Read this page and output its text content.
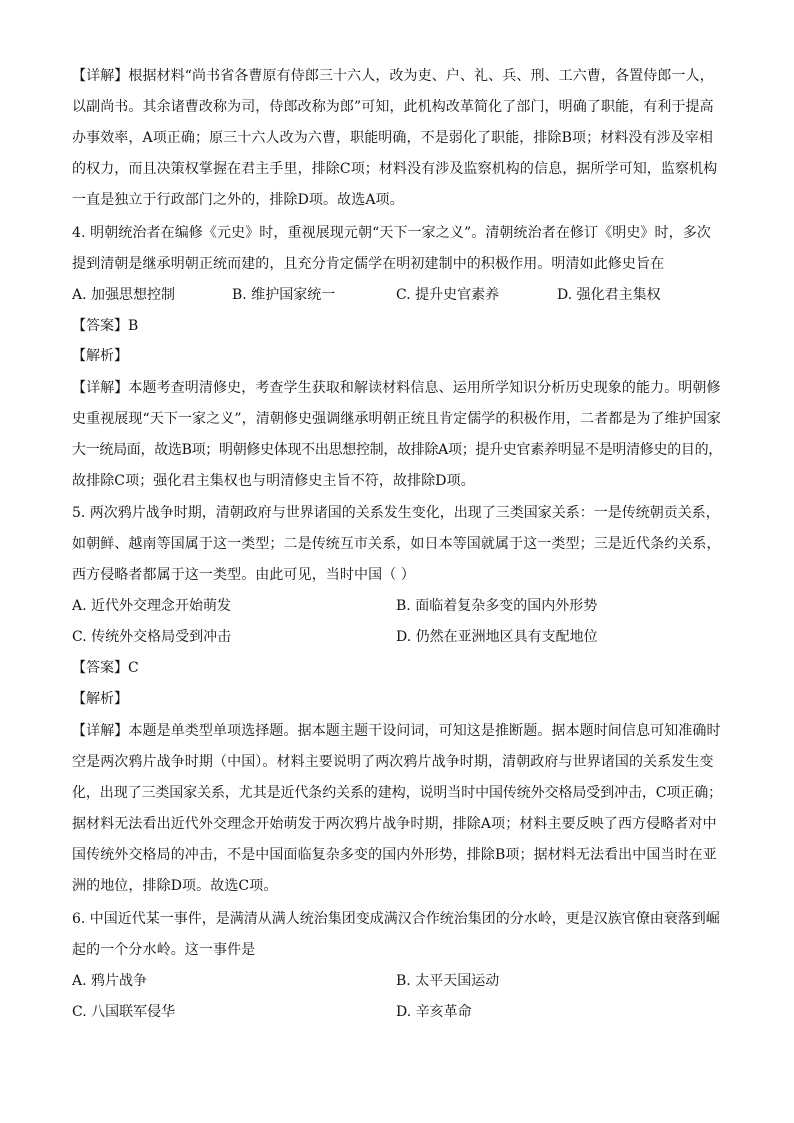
【详解】根据材料“尚书省各曹原有侍郎三十六人，改为吏、户、礼、兵、刑、工六曹，各置侍郎一人，
以副尚书。其余诸曹改称为司，侍郎改称为郎”可知，此机构改革简化了部门，明确了职能，有利于提高
办事效率，A项正确；原三十六人改为六曹，职能明确，不是弱化了职能，排除B项；材料没有涉及宰相
的权力，而且决策权掌握在君主手里，排除C项；材料没有涉及监察机构的信息，据所学可知，监察机构
一直是独立于行政部门之外的，排除D项。故选A项。
4. 明朝统治者在编修《元史》时，重视展现元朝“天下一家之义”。清朝统治者在修订《明史》时，多次
提到清朝是继承明朝正统而建的，且充分肯定儒学在明初建制中的积极作用。明清如此修史旨在
A. 加强思想控制	B. 维护国家统一	C. 提升史官素养	D. 强化君主集权
【答案】B
【解析】
【详解】本题考查明清修史，考查学生获取和解读材料信息、运用所学知识分析历史现象的能力。明朝修
史重视展现“天下一家之义”，清朝修史强调继承明朝正统且肯定儒学的积极作用，二者都是为了维护国家
大一统局面，故选B项；明朝修史体现不出思想控制，故排除A项；提升史官素养明显不是明清修史的目的，
故排除C项；强化君主集权也与明清修史主旨不符，故排除D项。
5. 两次鸦片战争时期，清朝政府与世界诸国的关系发生变化，出现了三类国家关系：一是传统朝贡关系，
如朝鲜、越南等国属于这一类型；二是传统互市关系，如日本等国就属于这一类型；三是近代条约关系，
西方侵略者都属于这一类型。由此可见，当时中国（ ）
A. 近代外交理念开始萌发	B. 面临着复杂多变的国内外形势
C. 传统外交格局受到冲击	D. 仍然在亚洲地区具有支配地位
【答案】C
【解析】
【详解】本题是单类型单项选择题。据本题主题干设问词，可知这是推断题。据本题时间信息可知准确时
空是两次鸦片战争时期（中国）。材料主要说明了两次鸦片战争时期，清朝政府与世界诸国的关系发生变
化，出现了三类国家关系，尤其是近代条约关系的建构，说明当时中国传统外交格局受到冲击，C项正确；
据材料无法看出近代外交理念开始萌发于两次鸦片战争时期，排除A项；材料主要反映了西方侵略者对中
国传统外交格局的冲击，不是中国面临复杂多变的国内外形势，排除B项；据材料无法看出中国当时在亚
洲的地位，排除D项。故选C项。
6. 中国近代某一事件，是满清从满人统治集团变成满汉合作统治集团的分水岭，更是汉族官僚由衰落到崛
起的一个分水岭。这一事件是
A. 鸦片战争	B. 太平天国运动
C. 八国联军侵华	D. 辛亥革命
